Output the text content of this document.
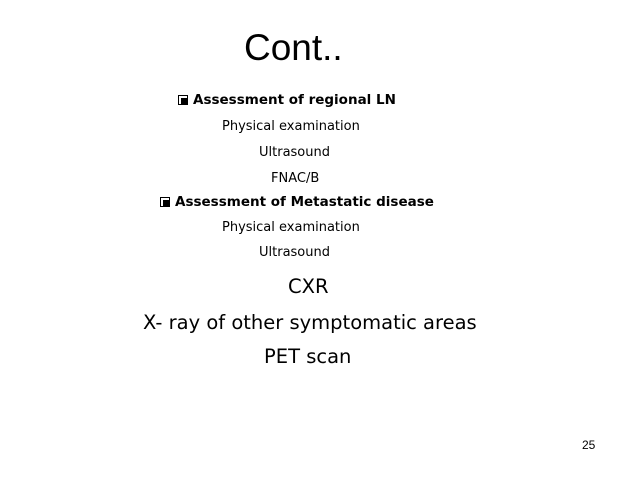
Cont..
Assessment of regional LN
Physical examination
Ultrasound
FNAC/B
Assessment of Metastatic disease
Physical examination
Ultrasound
CXR
X- ray of other symptomatic areas
PET scan
25
